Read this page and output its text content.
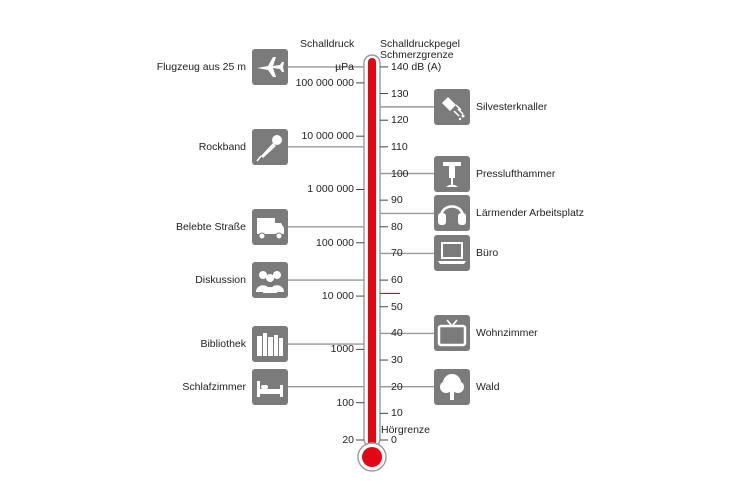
Schalldruck Schalldruckpegel
Schmerzgrenze
Hörgrenze
140 dB (A)
130
120
110
100
90
80
70
60
50
40
30
20
10
0
µPa
100 000 000
10 000 000
1 000 000
100 000
10 000
1000
100
20
Flugzeug aus 25 m
Rockband
Belebte Straße
Diskussion
Bibliothek
Schlafzimmer
Silvesterknaller
Presslufthammer
Lärmender Arbeitsplatz
Büro
Wohnzimmer
Wald
